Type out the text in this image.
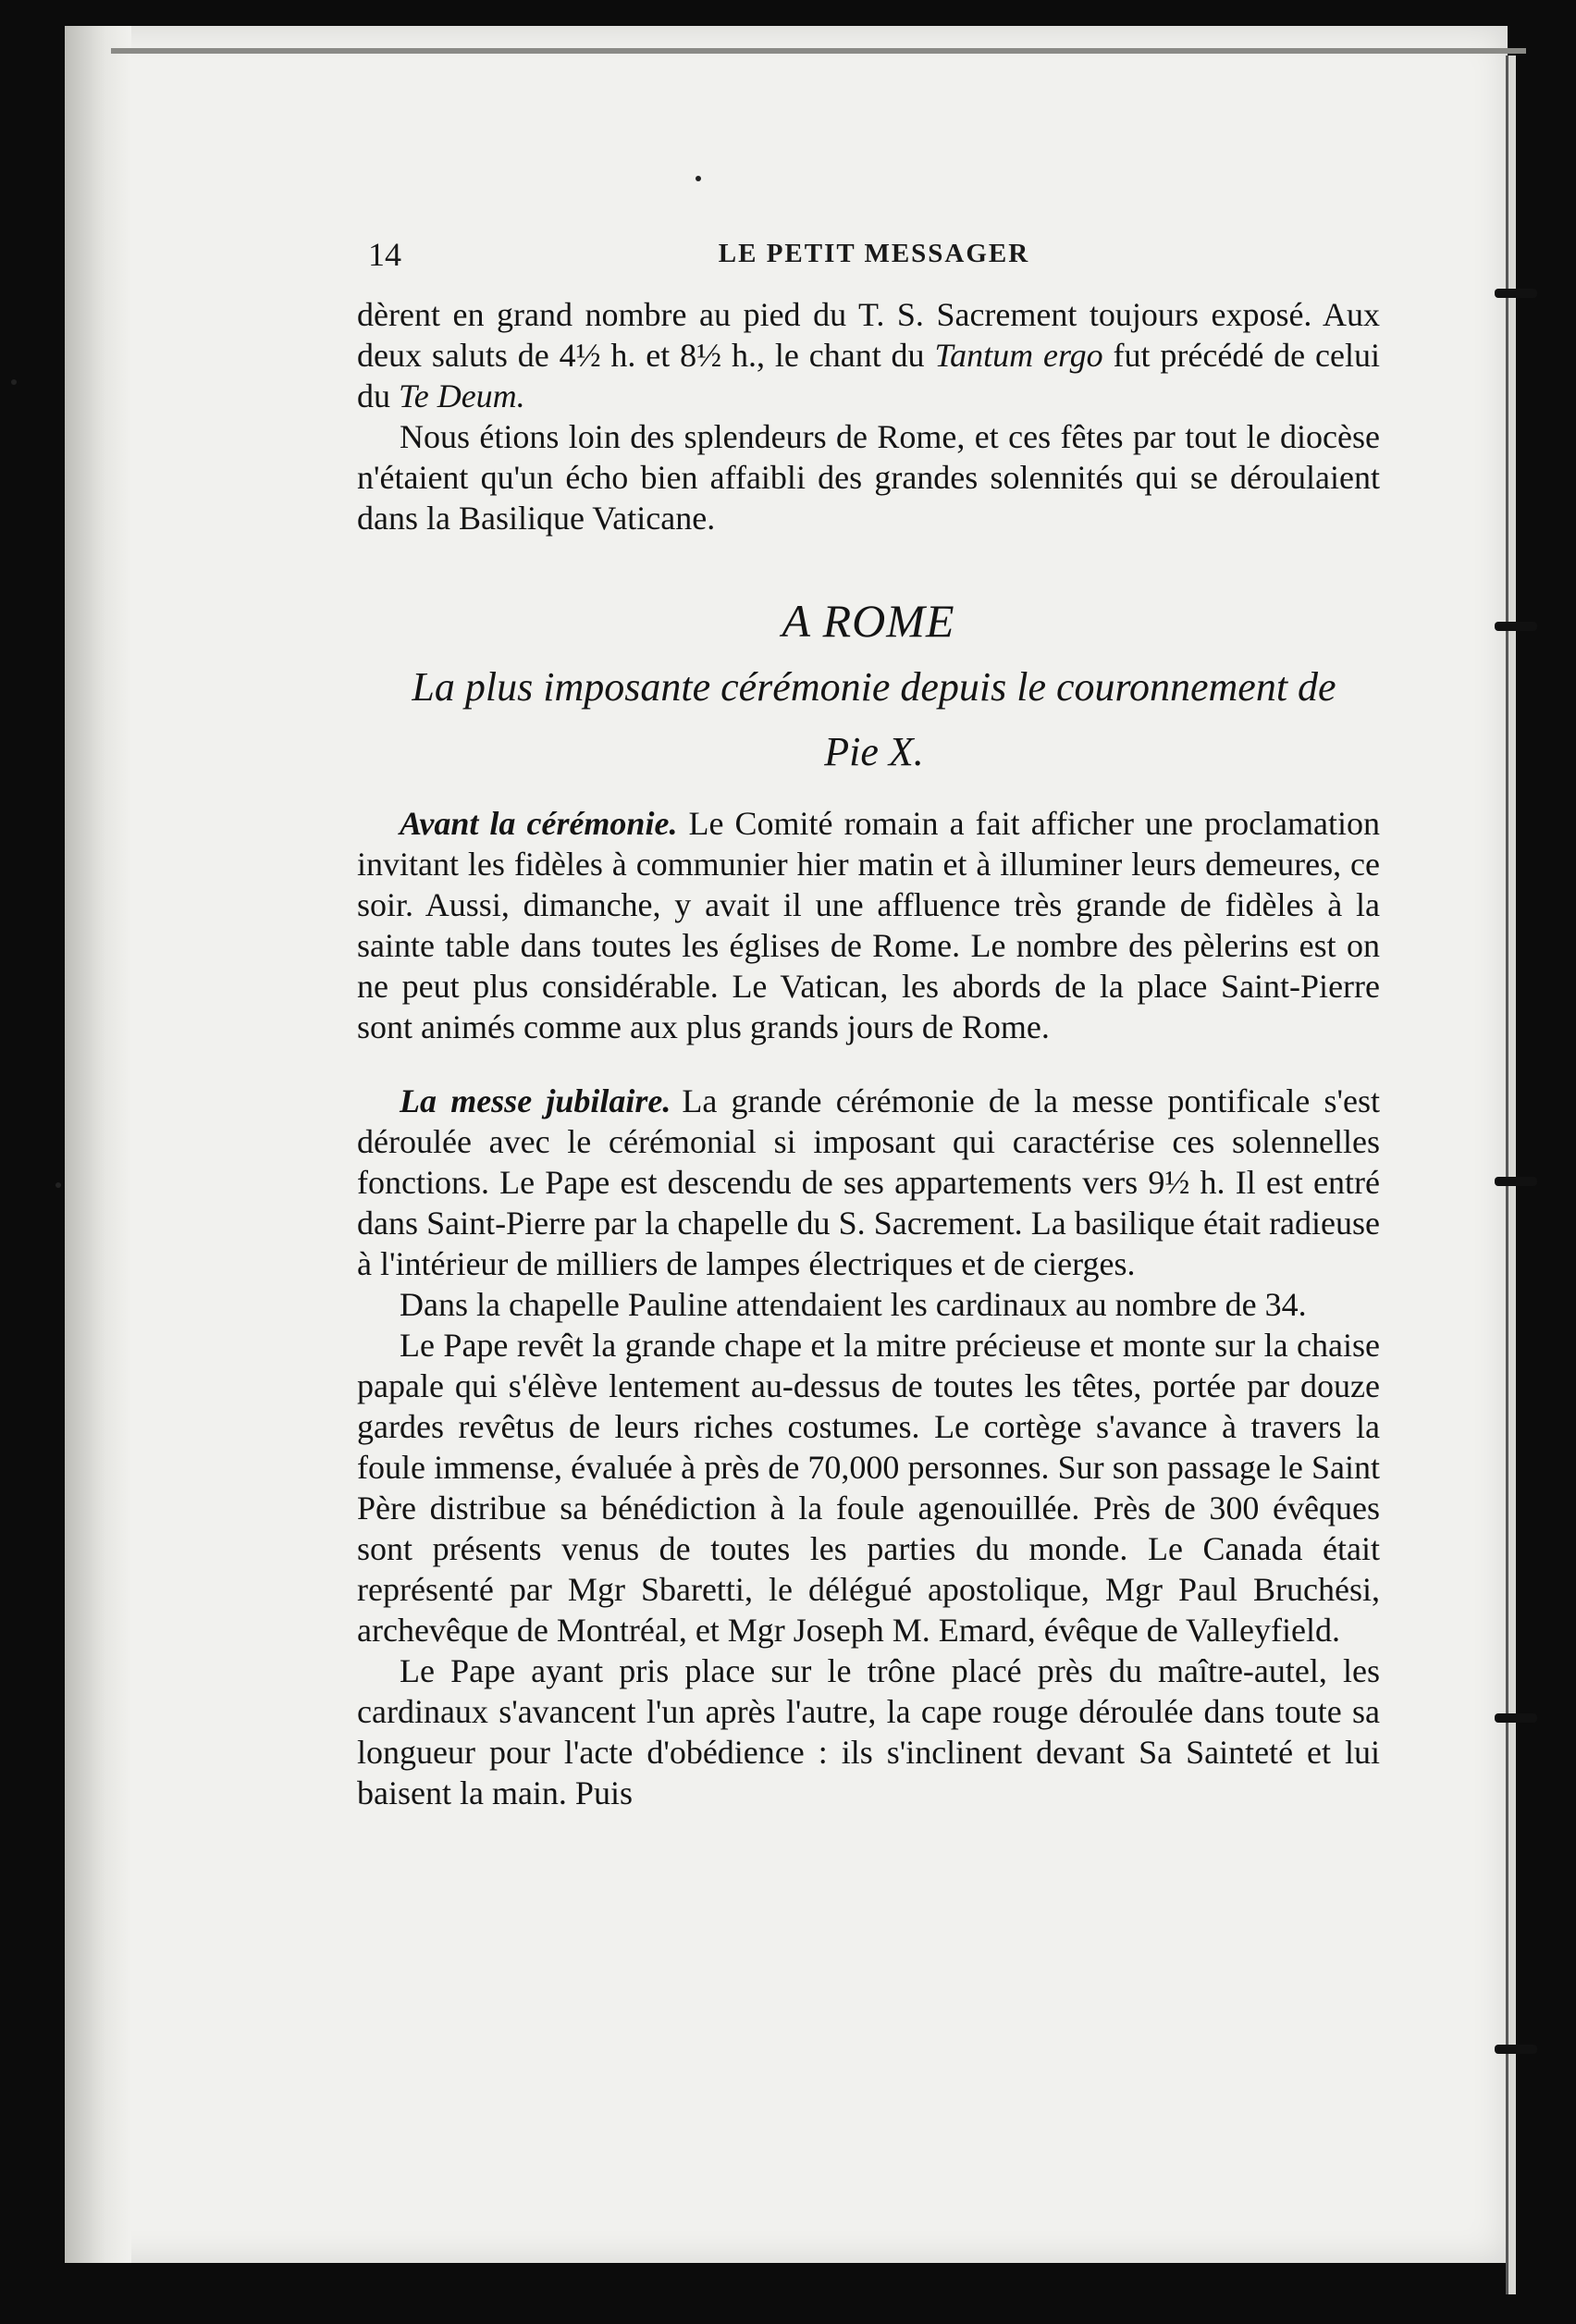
14	LE PETIT MESSAGER

dèrent en grand nombre au pied du T. S. Sacrement toujours exposé. Aux deux saluts de 4½ h. et 8½ h., le chant du Tantum ergo fut précédé de celui du Te Deum.

Nous étions loin des splendeurs de Rome, et ces fêtes par tout le diocèse n'étaient qu'un écho bien affaibli des grandes solennités qui se déroulaient dans la Basilique Vaticane.

A ROME
La plus imposante cérémonie depuis le couronnement de Pie X.

Avant la cérémonie. Le Comité romain a fait afficher une proclamation invitant les fidèles à communier hier matin et à illuminer leurs demeures, ce soir. Aussi, dimanche, y avait il une affluence très grande de fidèles à la sainte table dans toutes les églises de Rome. Le nombre des pèlerins est on ne peut plus considérable. Le Vatican, les abords de la place Saint-Pierre sont animés comme aux plus grands jours de Rome.

La messe jubilaire. La grande cérémonie de la messe pontificale s'est déroulée avec le cérémonial si imposant qui caractérise ces solennelles fonctions. Le Pape est descendu de ses appartements vers 9½ h. Il est entré dans Saint-Pierre par la chapelle du S. Sacrement. La basilique était radieuse à l'intérieur de milliers de lampes électriques et de cierges.

Dans la chapelle Pauline attendaient les cardinaux au nombre de 34.

Le Pape revêt la grande chape et la mitre précieuse et monte sur la chaise papale qui s'élève lentement au-dessus de toutes les têtes, portée par douze gardes revêtus de leurs riches costumes. Le cortège s'avance à travers la foule immense, évaluée à près de 70,000 personnes. Sur son passage le Saint Père distribue sa bénédiction à la foule agenouillée. Près de 300 évêques sont présents venus de toutes les parties du monde. Le Canada était représenté par Mgr Sbaretti, le délégué apostolique, Mgr Paul Bruchési, archevêque de Montréal, et Mgr Joseph M. Emard, évêque de Valleyfield.

Le Pape ayant pris place sur le trône placé près du maître-autel, les cardinaux s'avancent l'un après l'autre, la cape rouge déroulée dans toute sa longueur pour l'acte d'obédience : ils s'inclinent devant Sa Sainteté et lui baisent la main. Puis
